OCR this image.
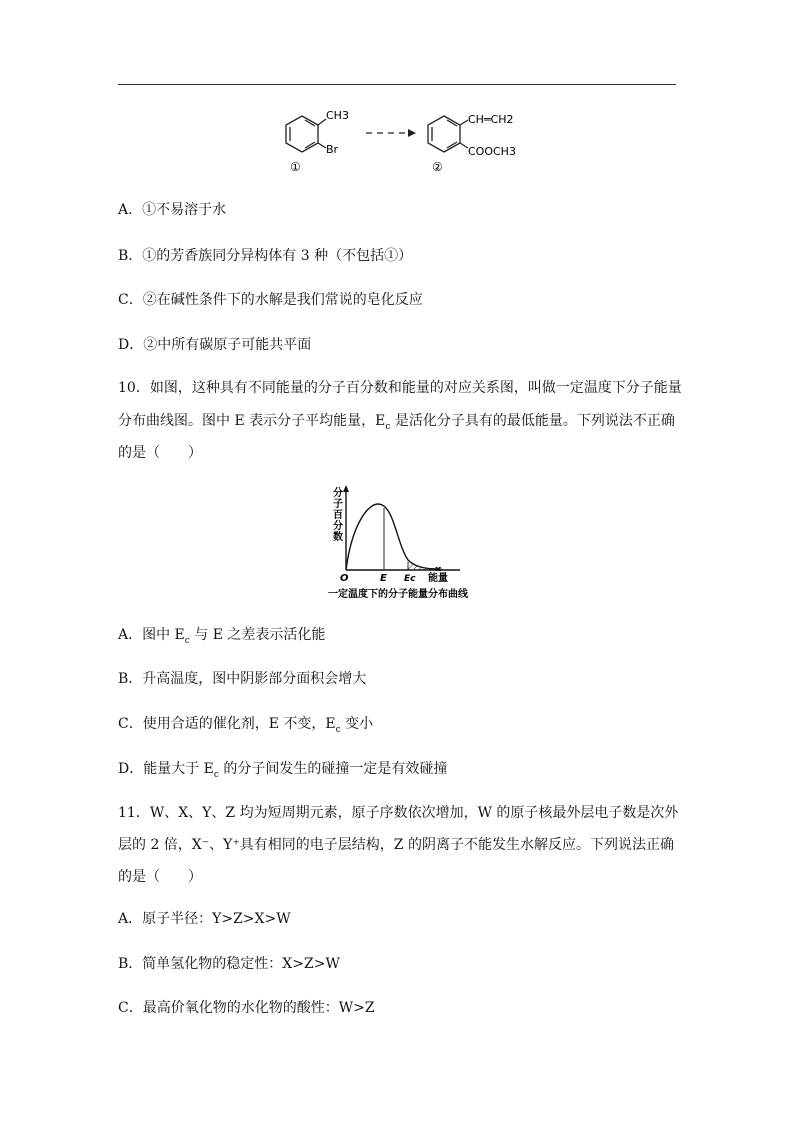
CH3
Br
①
CH═CH2
COOCH3
②
A．①不易溶于水
B．①的芳香族同分异构体有 3 种（不包括①）
C．②在碱性条件下的水解是我们常说的皂化反应
D．②中所有碳原子可能共平面
10．如图，这种具有不同能量的分子百分数和能量的对应关系图，叫做一定温度下分子能量
分布曲线图。图中 E 表示分子平均能量，$E_c$ 是活化分子具有的最低能量。下列说法不正确
的是（　　）
分子百分数
O	E Ec
∞
能量
一定温度下的分子能量分布曲线
A．图中 $E_c$ 与 E 之差表示活化能
B．升高温度，图中阴影部分面积会增大
C．使用合适的催化剂，E 不变，$E_c$ 变小
D．能量大于 $E_c$ 的分子间发生的碰撞一定是有效碰撞
11．W、X、Y、Z 均为短周期元素，原子序数依次增加，W 的原子核最外层电子数是次外
层的 2 倍，X⁻、Y⁺具有相同的电子层结构，Z 的阴离子不能发生水解反应。下列说法正确
的是（　　）
A．原子半径：Y>Z>X>W
B．简单氢化物的稳定性：X>Z>W
C．最高价氧化物的水化物的酸性：W>Z
